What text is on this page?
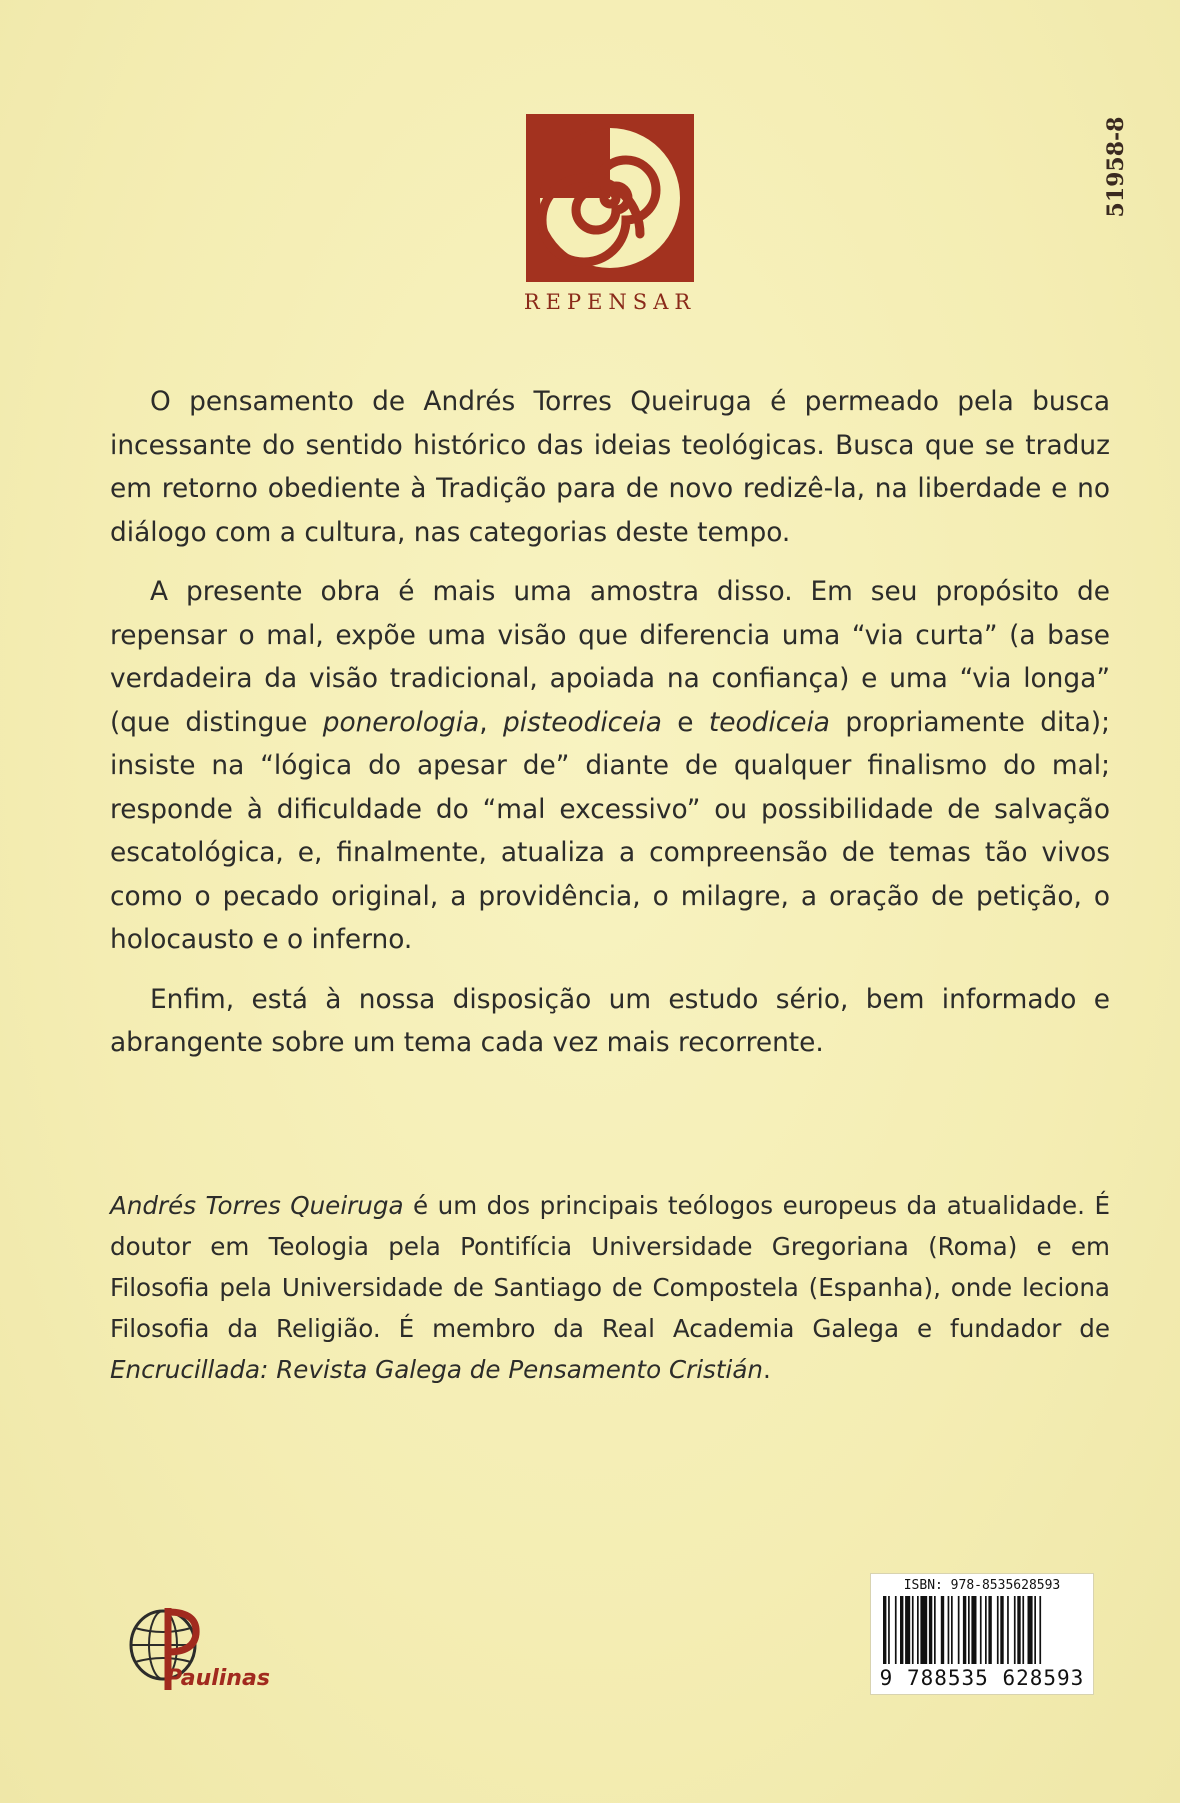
REPENSAR
51958-8

O pensamento de Andrés Torres Queiruga é permeado pela busca incessante do sentido histórico das ideias teológicas. Busca que se traduz em retorno obediente à Tradição para de novo redizê-la, na liberdade e no diálogo com a cultura, nas categorias deste tempo.

A presente obra é mais uma amostra disso. Em seu propósito de repensar o mal, expõe uma visão que diferencia uma “via curta” (a base verdadeira da visão tradicional, apoiada na confiança) e uma “via longa” (que distingue ponerologia, pisteodiceia e teodiceia propriamente dita); insiste na “lógica do apesar de” diante de qualquer finalismo do mal; responde à dificuldade do “mal excessivo” ou possibilidade de salvação escatológica, e, finalmente, atualiza a compreensão de temas tão vivos como o pecado original, a providência, o milagre, a oração de petição, o holocausto e o inferno.

Enfim, está à nossa disposição um estudo sério, bem informado e abrangente sobre um tema cada vez mais recorrente.

Andrés Torres Queiruga é um dos principais teólogos europeus da atualidade. É doutor em Teologia pela Pontifícia Universidade Gregoriana (Roma) e em Filosofia pela Universidade de Santiago de Compostela (Espanha), onde leciona Filosofia da Religião. É membro da Real Academia Galega e fundador de Encrucillada: Revista Galega de Pensamento Cristián.

Paulinas
ISBN: 978-8535628593
9 788535 628593
